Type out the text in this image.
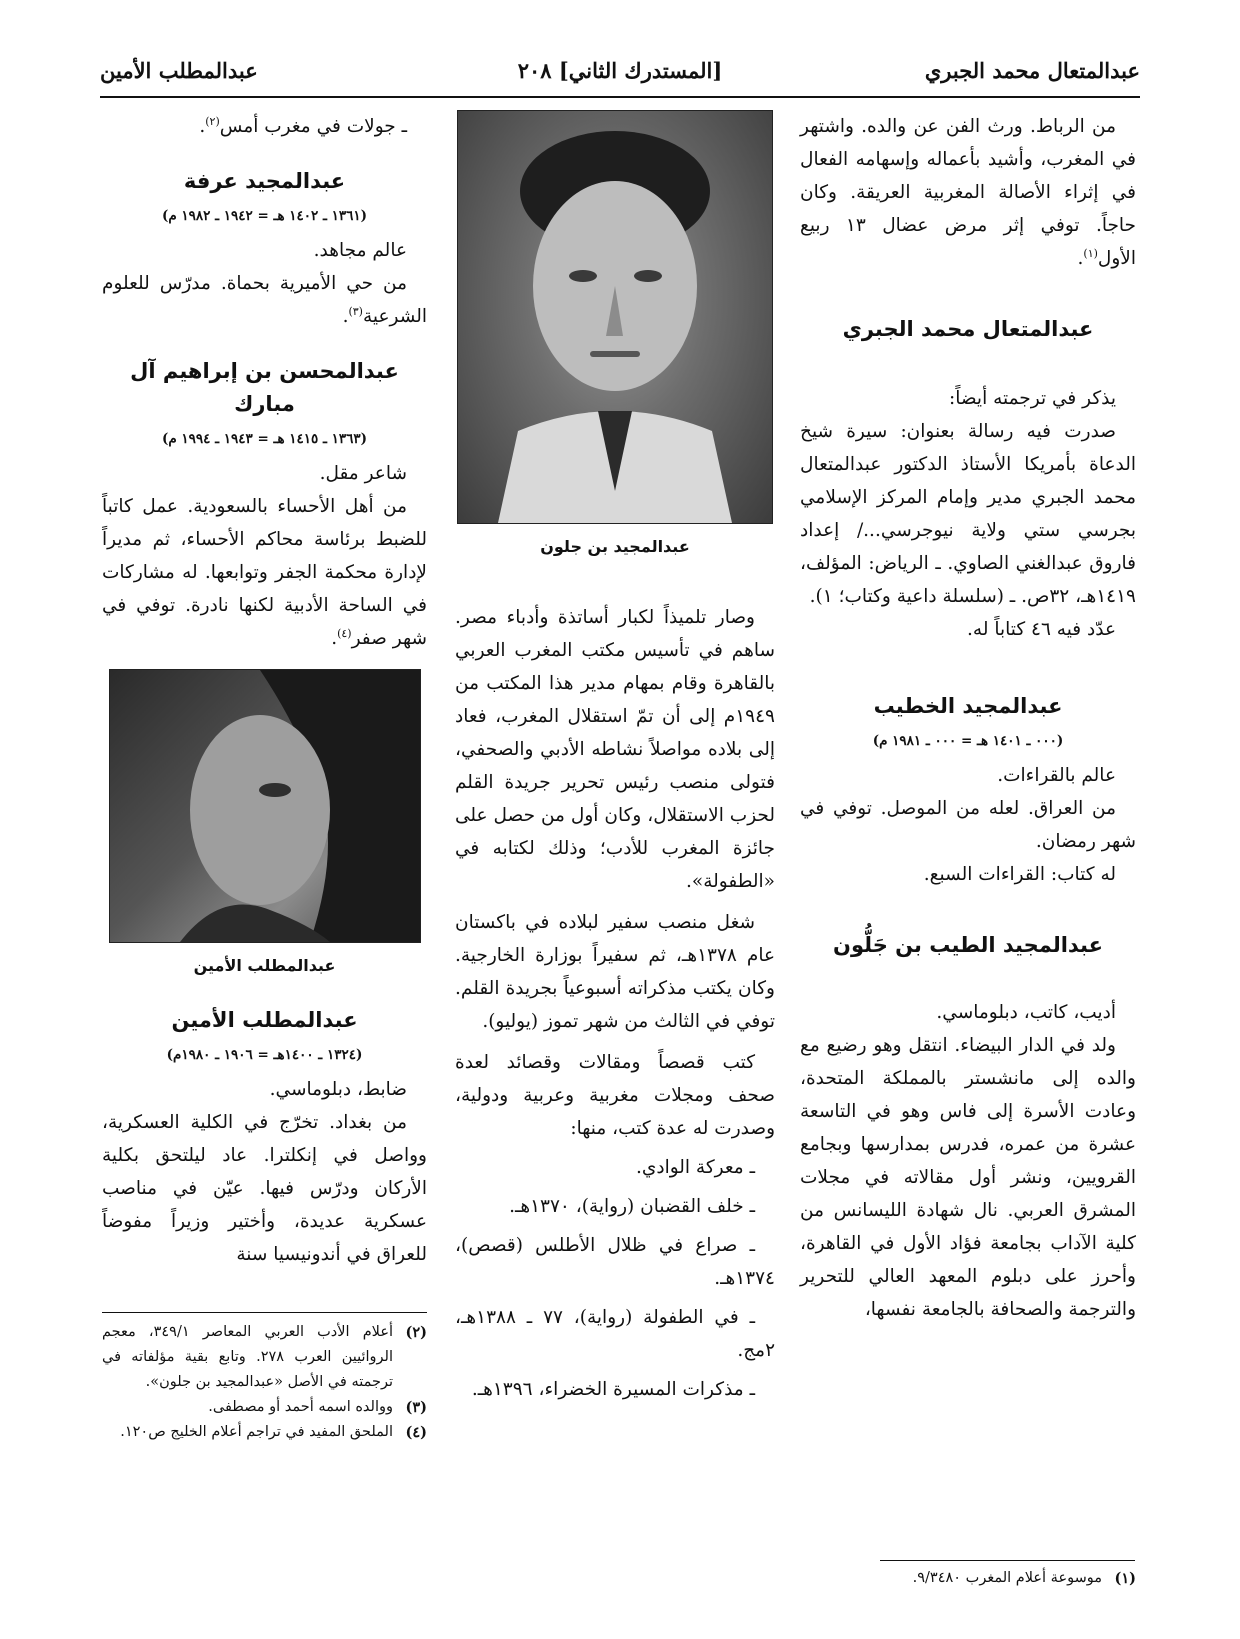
عبدالمتعال محمد الجبري
[المستدرك الثاني] ٢٠٨
عبدالمطلب الأمين

من الرباط. ورث الفن عن والده. واشتهر في المغرب، وأشيد بأعماله وإسهامه الفعال في إثراء الأصالة المغربية العريقة. وكان حاجاً. توفي إثر مرض عضال ١٣ ربيع الأول$^{(١)}$.

عبدالمتعال محمد الجبري

يذكر في ترجمته أيضاً:

صدرت فيه رسالة بعنوان: سيرة شيخ الدعاة بأمريكا الأستاذ الدكتور عبدالمتعال محمد الجبري مدير وإمام المركز الإسلامي بجرسي ستي ولاية نيوجرسي.../ إعداد فاروق عبدالغني الصاوي. ـ الرياض: المؤلف، ١٤١٩هـ، ٣٢ص. ـ (سلسلة داعية وكتاب؛ ١).

عدّد فيه ٤٦ كتاباً له.

عبدالمجيد الخطيب
(٠٠٠ ـ ١٤٠١ هـ = ٠٠٠ ـ ١٩٨١ م)

عالم بالقراءات.

من العراق. لعله من الموصل. توفي في شهر رمضان.

له كتاب: القراءات السبع.

عبدالمجيد الطيب بن جَلُّون

أديب، كاتب، دبلوماسي.

ولد في الدار البيضاء. انتقل وهو رضيع مع والده إلى مانشستر بالمملكة المتحدة، وعادت الأسرة إلى فاس وهو في التاسعة عشرة من عمره، فدرس بمدارسها وبجامع القرويين، ونشر أول مقالاته في مجلات المشرق العربي. نال شهادة الليسانس من كلية الآداب بجامعة فؤاد الأول في القاهرة، وأحرز على دبلوم المعهد العالي للتحرير والترجمة والصحافة بالجامعة نفسها،

(١)
موسوعة أعلام المغرب ٩/٣٤٨٠.
عبدالمجيد بن جلون

وصار تلميذاً لكبار أساتذة وأدباء مصر. ساهم في تأسيس مكتب المغرب العربي بالقاهرة وقام بمهام مدير هذا المكتب من ١٩٤٩م إلى أن تمّ استقلال المغرب، فعاد إلى بلاده مواصلاً نشاطه الأدبي والصحفي، فتولى منصب رئيس تحرير جريدة القلم لحزب الاستقلال، وكان أول من حصل على جائزة المغرب للأدب؛ وذلك لكتابه في «الطفولة».

شغل منصب سفير لبلاده في باكستان عام ١٣٧٨هـ، ثم سفيراً بوزارة الخارجية. وكان يكتب مذكراته أسبوعياً بجريدة القلم. توفي في الثالث من شهر تموز (يوليو).

كتب قصصاً ومقالات وقصائد لعدة صحف ومجلات مغربية وعربية ودولية، وصدرت له عدة كتب، منها:

ـ معركة الوادي.
ـ خلف القضبان (رواية)، ١٣٧٠هـ.
ـ صراع في ظلال الأطلس (قصص)، ١٣٧٤هـ.
ـ في الطفولة (رواية)، ٧٧ ـ ١٣٨٨هـ، ٢مج.
ـ مذكرات المسيرة الخضراء، ١٣٩٦هـ.

ـ جولات في مغرب أمس$^{(٢)}$.

عبدالمجيد عرفة
(١٣٦١ ـ ١٤٠٢ هـ = ١٩٤٢ ـ ١٩٨٢ م)

عالم مجاهد.

من حي الأميرية بحماة. مدرّس للعلوم الشرعية$^{(٣)}$.

عبدالمحسن بن إبراهيم آل مبارك
(١٣٦٣ ـ ١٤١٥ هـ = ١٩٤٣ ـ ١٩٩٤ م)

شاعر مقل.

من أهل الأحساء بالسعودية. عمل كاتباً للضبط برئاسة محاكم الأحساء، ثم مديراً لإدارة محكمة الجفر وتوابعها. له مشاركات في الساحة الأدبية لكنها نادرة. توفي في شهر صفر$^{(٤)}$.

عبدالمطلب الأمين
عبدالمطلب الأمين
(١٣٢٤ ـ ١٤٠٠هـ = ١٩٠٦ ـ ١٩٨٠م)

ضابط، دبلوماسي.

من بغداد. تخرّج في الكلية العسكرية، وواصل في إنكلترا. عاد ليلتحق بكلية الأركان ودرّس فيها. عيّن في مناصب عسكرية عديدة، وأختير وزيراً مفوضاً للعراق في أندونيسيا سنة

(٢)
أعلام الأدب العربي المعاصر ٣٤٩/١، معجم الروائيين العرب ٢٧٨. وتابع بقية مؤلفاته في ترجمته في الأصل «عبدالمجيد بن جلون».
(٣)
ووالده اسمه أحمد أو مصطفى.
(٤)
الملحق المفيد في تراجم أعلام الخليج ص١٢٠.
